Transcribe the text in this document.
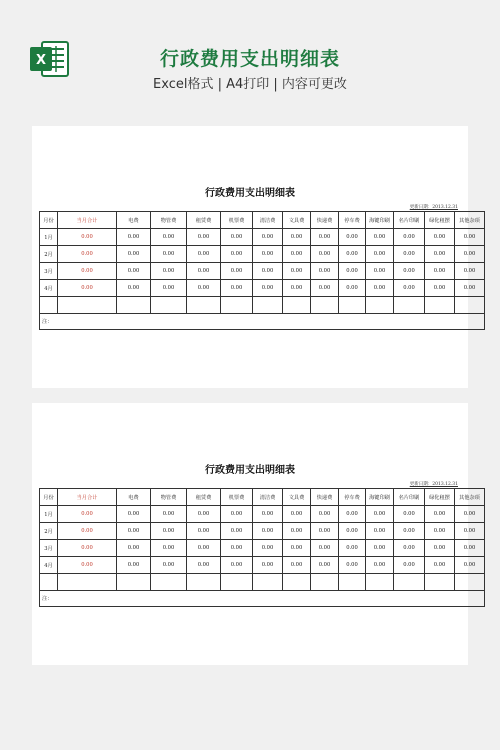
X	行政费用支出明细表
Excel格式 | A4打印 | 内容可更改
行政费用支出明细表
更新日期：2013.12.31
月份	当月合计	电费	物管费	租赁费	机票费	清洁费	文具费	快递费	停车费	海键印刷	名片印刷	绿化租摆	其他杂项
1月	0.00	0.00	0.00	0.00	0.00	0.00	0.00	0.00	0.00	0.00	0.00	0.00	0.00
2月	0.00	0.00	0.00	0.00	0.00	0.00	0.00	0.00	0.00	0.00	0.00	0.00	0.00
3月	0.00	0.00	0.00	0.00	0.00	0.00	0.00	0.00	0.00	0.00	0.00	0.00	0.00
4月	0.00	0.00	0.00	0.00	0.00	0.00	0.00	0.00	0.00	0.00	0.00	0.00	0.00

注：													
行政费用支出明细表
更新日期：2013.12.31
月份	当月合计	电费	物管费	租赁费	机票费	清洁费	文具费	快递费	停车费	海键印刷	名片印刷	绿化租摆	其他杂项
1月	0.00	0.00	0.00	0.00	0.00	0.00	0.00	0.00	0.00	0.00	0.00	0.00	0.00
2月	0.00	0.00	0.00	0.00	0.00	0.00	0.00	0.00	0.00	0.00	0.00	0.00	0.00
3月	0.00	0.00	0.00	0.00	0.00	0.00	0.00	0.00	0.00	0.00	0.00	0.00	0.00
4月	0.00	0.00	0.00	0.00	0.00	0.00	0.00	0.00	0.00	0.00	0.00	0.00	0.00

注：													
